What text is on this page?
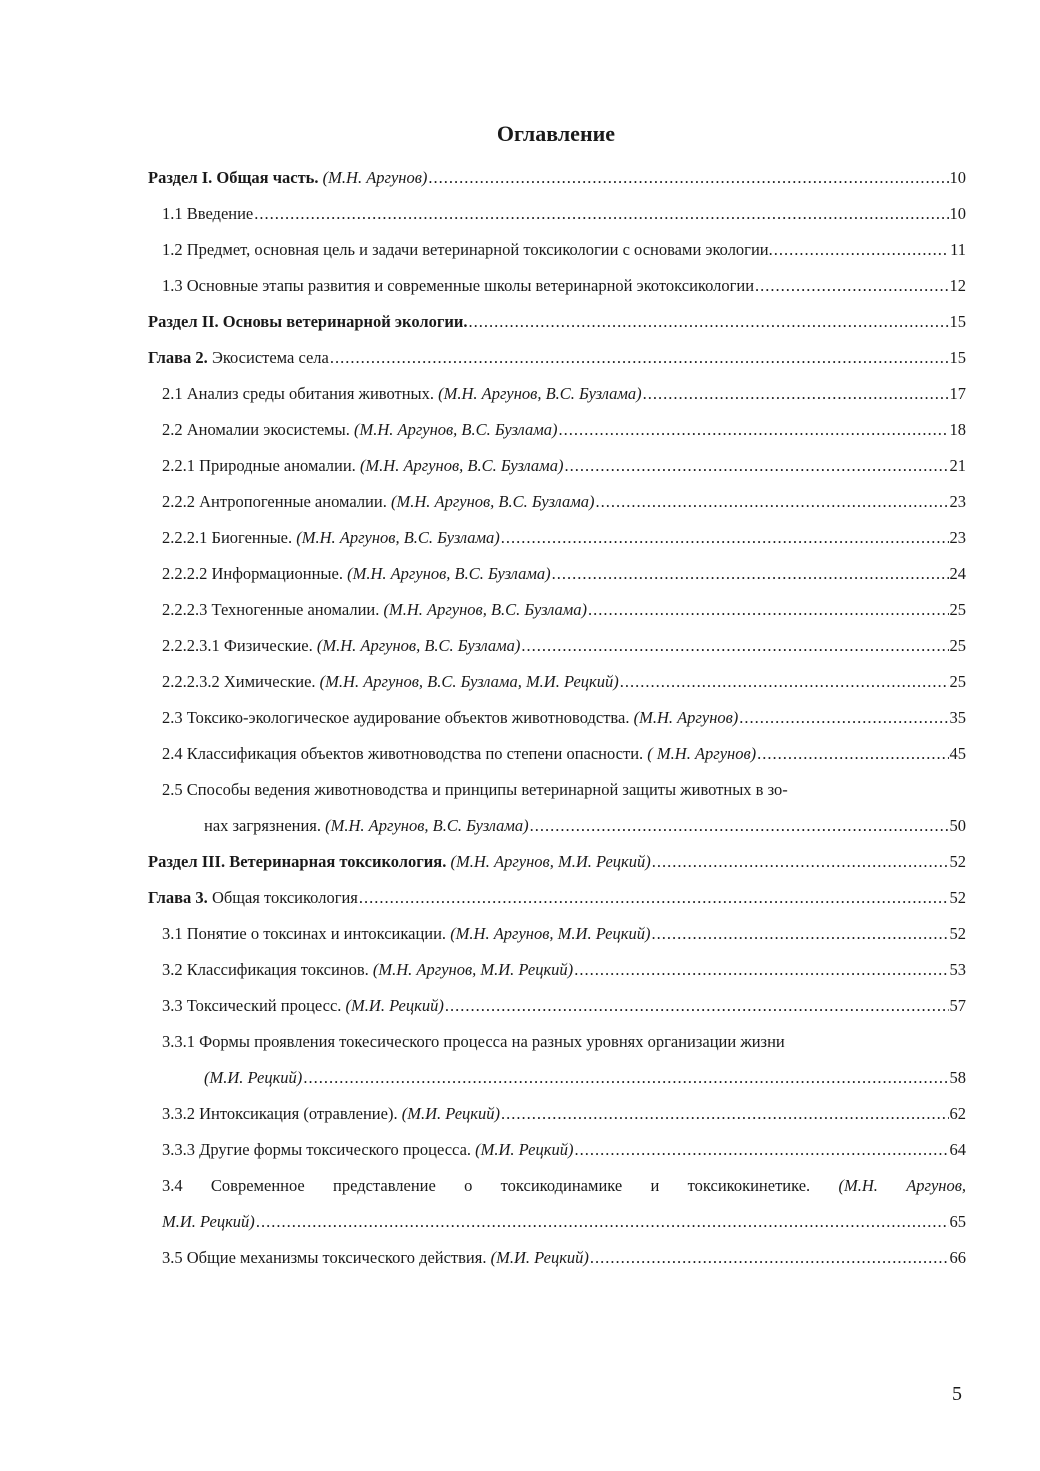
Оглавление
Раздел I. Общая часть. (М.Н. Аргунов) .....	10
1.1 Введение .....	10
1.2 Предмет, основная цель и задачи ветеринарной токсикологии с основами экологии. .....	11
1.3 Основные этапы развития и современные школы ветеринарной экотоксикологии .....	12
Раздел II. Основы ветеринарной экологии. .....	15
Глава 2. Экосистема села .....	15
2.1 Анализ среды обитания животных. (М.Н. Аргунов, В.С. Бузлама) .....	17
2.2 Аномалии экосистемы. (М.Н. Аргунов, В.С. Бузлама) .....	18
2.2.1 Природные аномалии. (М.Н. Аргунов, В.С. Бузлама) .....	21
2.2.2 Антропогенные аномалии. (М.Н. Аргунов, В.С. Бузлама) .....	23
2.2.2.1 Биогенные. (М.Н. Аргунов, В.С. Бузлама) .....	23
2.2.2.2 Информационные. (М.Н. Аргунов, В.С. Бузлама) .....	24
2.2.2.3 Техногенные аномалии. (М.Н. Аргунов, В.С. Бузлама) .....	25
2.2.2.3.1 Физические. (М.Н. Аргунов, В.С. Бузлама) .....	25
2.2.2.3.2 Химические. (М.Н. Аргунов, В.С. Бузлама, М.И. Рецкий) .....	25
2.3 Токсико-экологическое аудирование объектов животноводства. (М.Н. Аргунов) .....	35
2.4 Классификация объектов животноводства по степени опасности. ( М.Н. Аргунов) .....	45
2.5 Способы ведения животноводства и принципы ветеринарной защиты животных в зо-
нах загрязнения. (М.Н. Аргунов, В.С. Бузлама) .....	50
Раздел III. Ветеринарная токсикология. (М.Н. Аргунов, М.И. Рецкий) .....	52
Глава 3. Общая токсикология .....	52
3.1 Понятие о токсинах и интоксикации. (М.Н. Аргунов, М.И. Рецкий) .....	52
3.2 Классификация токсинов. (М.Н. Аргунов, М.И. Рецкий) .....	53
3.3 Токсический процесс. (М.И. Рецкий) .....	57
3.3.1 Формы проявления токесического процесса на разных уровнях организации жизни
(М.И. Рецкий) .....	58
3.3.2 Интоксикация (отравление). (М.И. Рецкий) .....	62
3.3.3 Другие формы токсического процесса. (М.И. Рецкий) .....	64
3.4 Современное представление о токсикодинамике и токсикокинетике. (М.Н. Аргунов,
М.И. Рецкий) .....	65
3.5 Общие механизмы токсического действия. (М.И. Рецкий) .....	66
5
